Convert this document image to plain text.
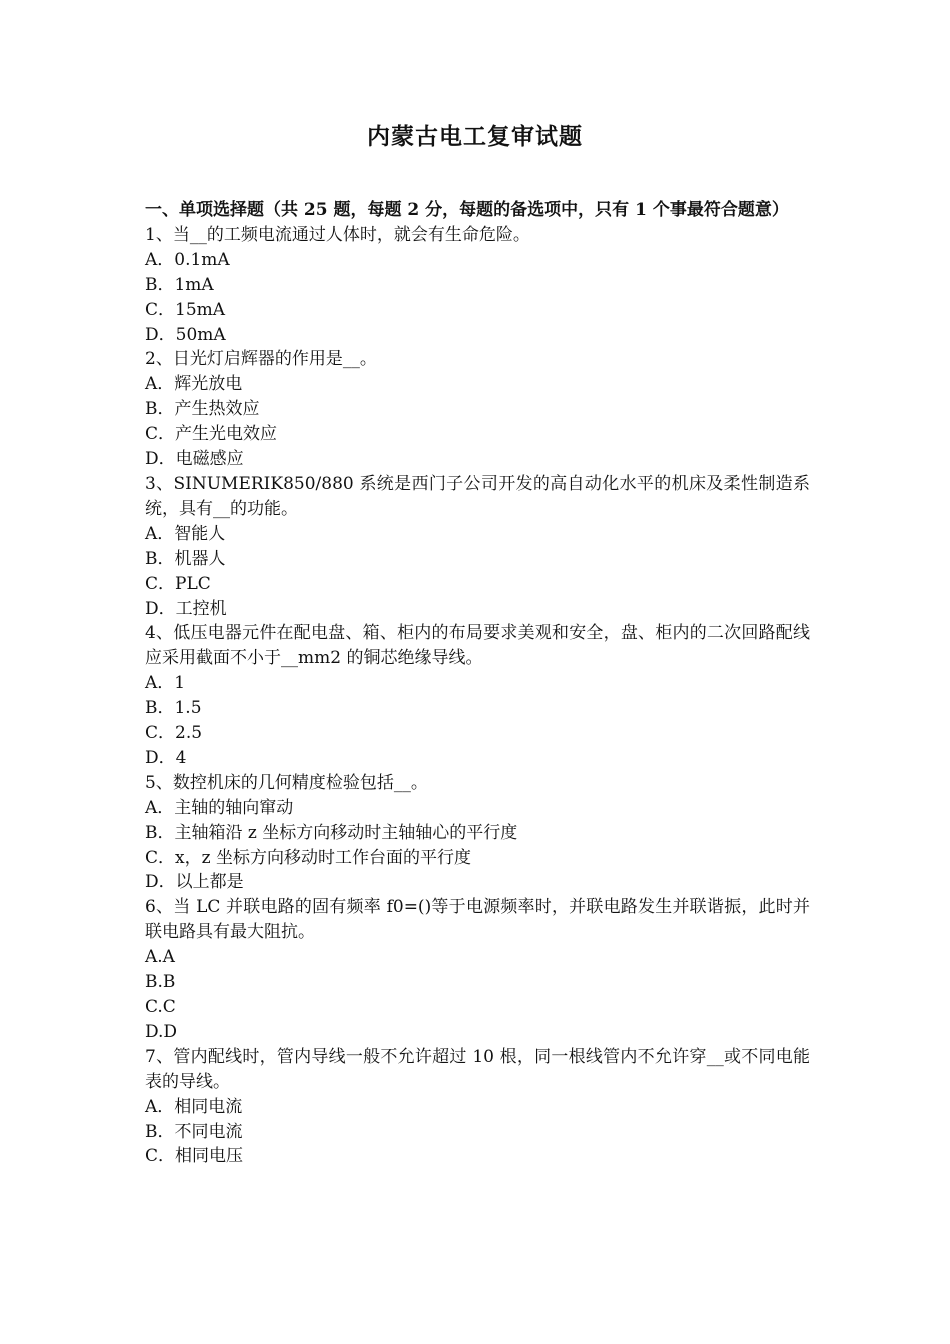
内蒙古电工复审试题
一、单项选择题（共 25 题，每题 2 分，每题的备选项中，只有 1 个事最符合题意）
1、当__的工频电流通过人体时，就会有生命危险。
A．0.1mA
B．1mA
C．15mA
D．50mA
2、日光灯启辉器的作用是__。
A．辉光放电
B．产生热效应
C．产生光电效应
D．电磁感应
3、SINUMERIK850/880 系统是西门子公司开发的高自动化水平的机床及柔性制造系统，具有__的功能。
A．智能人
B．机器人
C．PLC
D．工控机
4、低压电器元件在配电盘、箱、柜内的布局要求美观和安全，盘、柜内的二次回路配线应采用截面不小于__mm2 的铜芯绝缘导线。
A．1
B．1.5
C．2.5
D．4
5、数控机床的几何精度检验包括__。
A．主轴的轴向窜动
B．主轴箱沿 z 坐标方向移动时主轴轴心的平行度
C．x，z 坐标方向移动时工作台面的平行度
D．以上都是
6、当 LC 并联电路的固有频率 f0=()等于电源频率时，并联电路发生并联谐振，此时并联电路具有最大阻抗。
A.A
B.B
C.C
D.D
7、管内配线时，管内导线一般不允许超过 10 根，同一根线管内不允许穿__或不同电能表的导线。
A．相同电流
B．不同电流
C．相同电压
